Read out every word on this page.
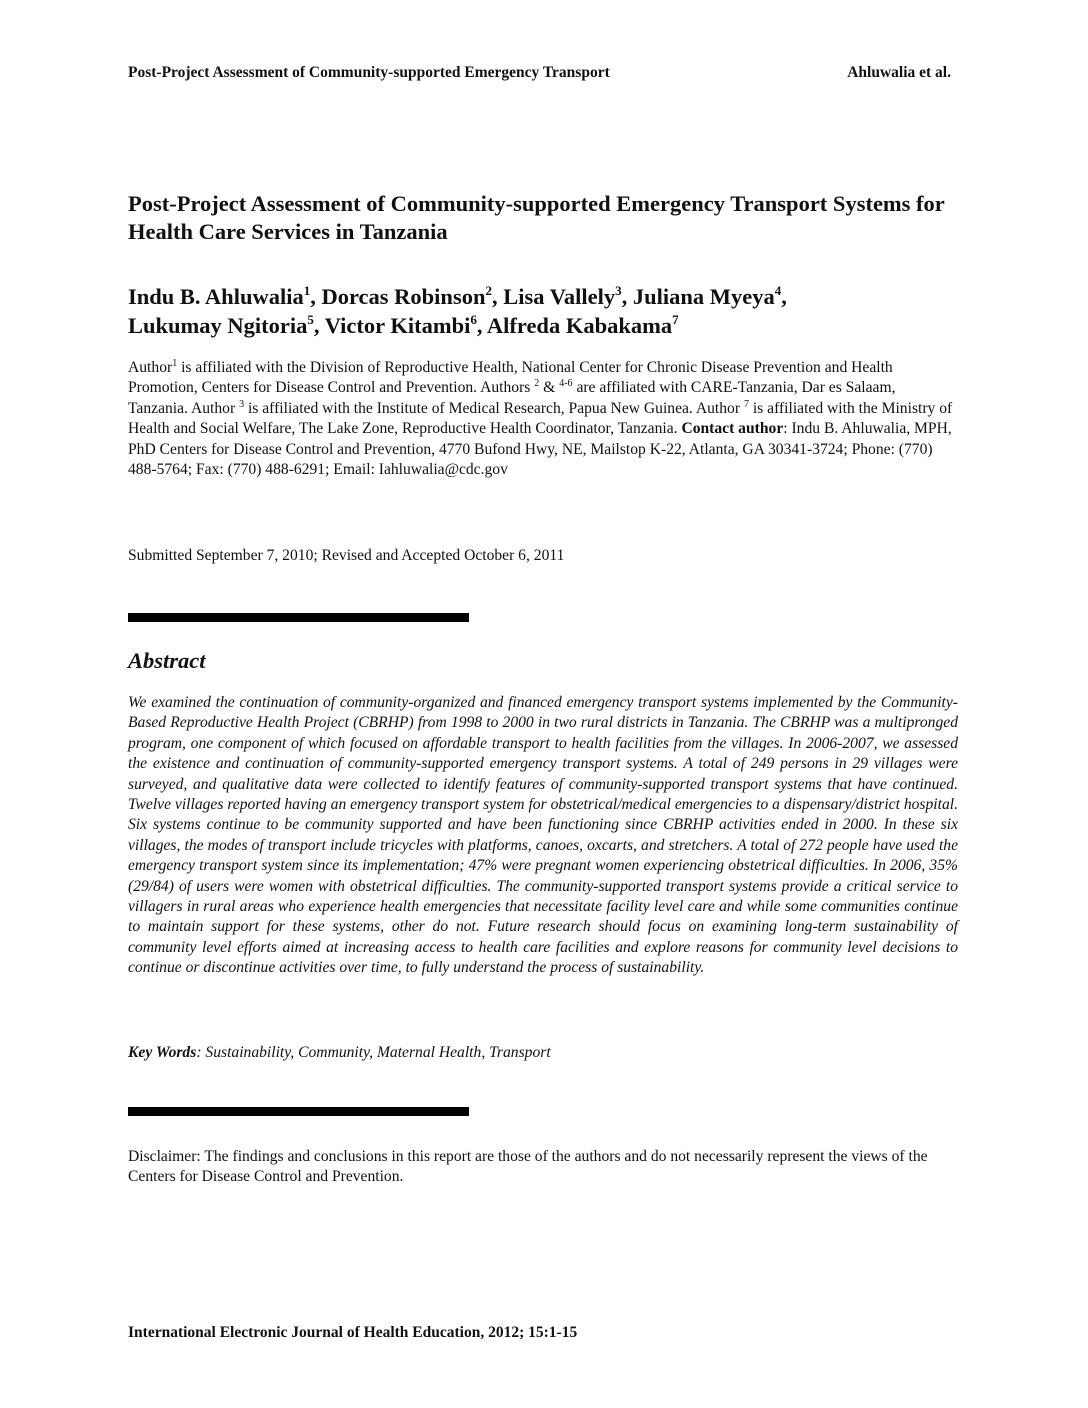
Post-Project Assessment of Community-supported Emergency Transport	Ahluwalia et al.
Post-Project Assessment of Community-supported Emergency Transport Systems for Health Care Services in Tanzania
Indu B. Ahluwalia$^1$, Dorcas Robinson$^2$, Lisa Vallely$^3$, Juliana Myeya$^4$,
Lukumay Ngitoria$^5$, Victor Kitambi$^6$, Alfreda Kabakama$^7$
Author$^1$ is affiliated with the Division of Reproductive Health, National Center for Chronic Disease Prevention and Health Promotion, Centers for Disease Control and Prevention. Authors $^2$ & $^{4-6}$ are affiliated with CARE-Tanzania, Dar es Salaam, Tanzania. Author $^3$ is affiliated with the Institute of Medical Research, Papua New Guinea. Author $^7$ is affiliated with the Ministry of Health and Social Welfare, The Lake Zone, Reproductive Health Coordinator, Tanzania. Contact author: Indu B. Ahluwalia, MPH, PhD Centers for Disease Control and Prevention, 4770 Bufond Hwy, NE, Mailstop K-22, Atlanta, GA 30341-3724; Phone: (770) 488-5764; Fax: (770) 488-6291; Email: Iahluwalia@cdc.gov
Submitted September 7, 2010; Revised and Accepted October 6, 2011
Abstract
We examined the continuation of community-organized and financed emergency transport systems implemented by the Community-Based Reproductive Health Project (CBRHP) from 1998 to 2000 in two rural districts in Tanzania. The CBRHP was a multipronged program, one component of which focused on affordable transport to health facilities from the villages. In 2006-2007, we assessed the existence and continuation of community-supported emergency transport systems. A total of 249 persons in 29 villages were surveyed, and qualitative data were collected to identify features of community-supported transport systems that have continued. Twelve villages reported having an emergency transport system for obstetrical/medical emergencies to a dispensary/district hospital. Six systems continue to be community supported and have been functioning since CBRHP activities ended in 2000. In these six villages, the modes of transport include tricycles with platforms, canoes, oxcarts, and stretchers. A total of 272 people have used the emergency transport system since its implementation; 47% were pregnant women experiencing obstetrical difficulties. In 2006, 35% (29/84) of users were women with obstetrical difficulties. The community-supported transport systems provide a critical service to villagers in rural areas who experience health emergencies that necessitate facility level care and while some communities continue to maintain support for these systems, other do not. Future research should focus on examining long-term sustainability of community level efforts aimed at increasing access to health care facilities and explore reasons for community level decisions to continue or discontinue activities over time, to fully understand the process of sustainability.
Key Words: Sustainability, Community, Maternal Health, Transport
Disclaimer: The findings and conclusions in this report are those of the authors and do not necessarily represent the views of the Centers for Disease Control and Prevention.
International Electronic Journal of Health Education, 2012; 15:1-15
